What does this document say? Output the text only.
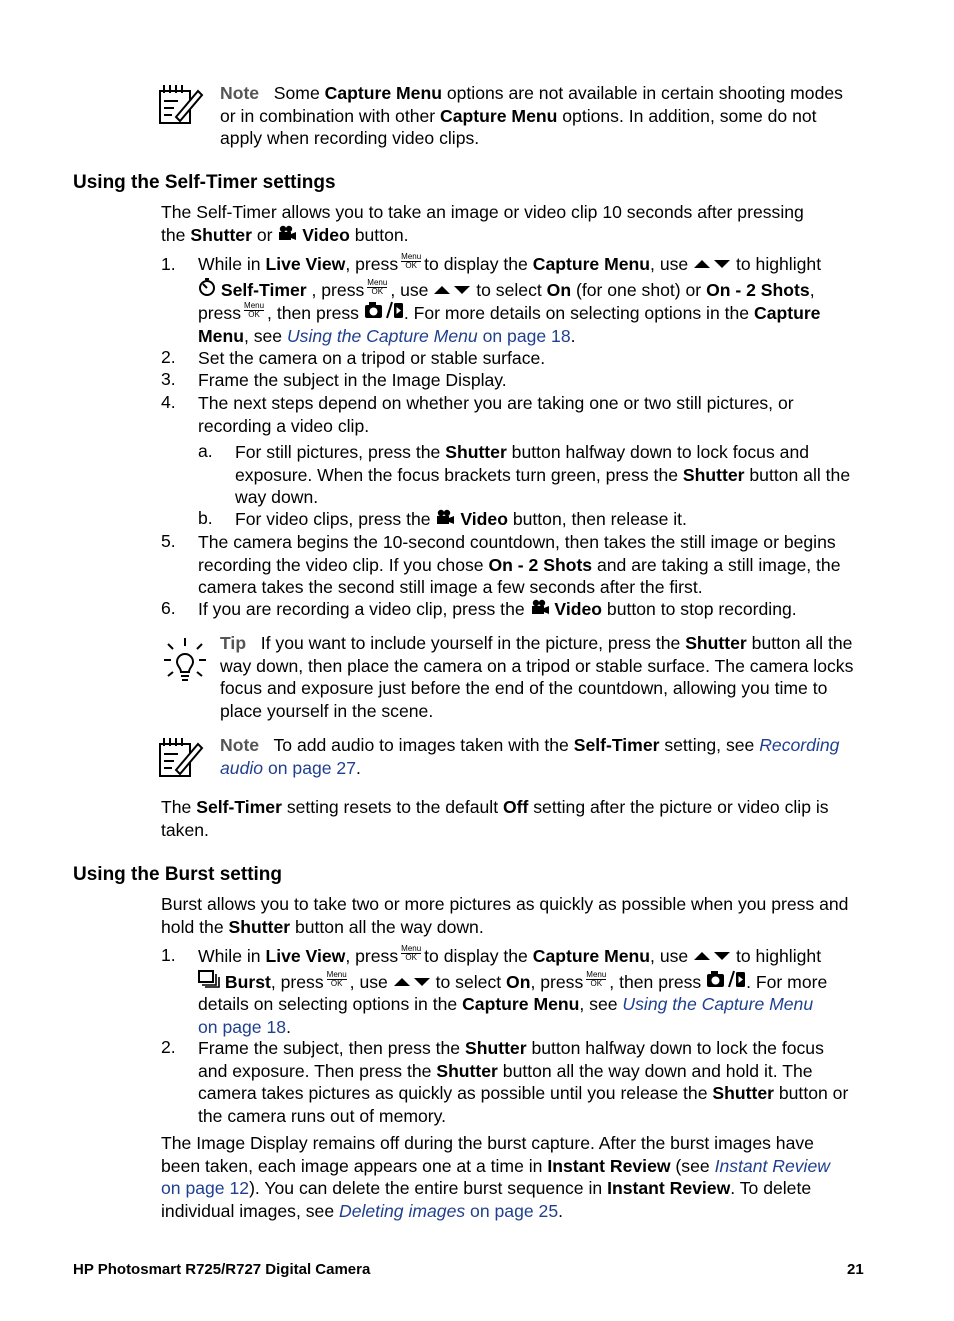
Note Some Capture Menu options are not available in certain shooting modes
or in combination with other Capture Menu options. In addition, some do not
apply when recording video clips.
Using the Self-Timer settings
The Self-Timer allows you to take an image or video clip 10 seconds after pressing
the Shutter or  Video button.
1. While in Live View, press Menu
OK to display the Capture Menu, use	to highlight
Self-Timer , press Menu
OK , use	to select On (for one shot) or On - 2 Shots,
press Menu
OK , then press	. For more details on selecting options in the Capture
Menu, see Using the Capture Menu on page 18.
2. Set the camera on a tripod or stable surface.
3. Frame the subject in the Image Display.
4. The next steps depend on whether you are taking one or two still pictures, or
recording a video clip.
a. For still pictures, press the Shutter button halfway down to lock focus and
exposure. When the focus brackets turn green, press the Shutter button all the
way down.
b. For video clips, press the  Video button, then release it.
5. The camera begins the 10-second countdown, then takes the still image or begins
recording the video clip. If you chose On - 2 Shots and are taking a still image, the
camera takes the second still image a few seconds after the first.
6. If you are recording a video clip, press the  Video button to stop recording.
Tip If you want to include yourself in the picture, press the Shutter button all the
way down, then place the camera on a tripod or stable surface. The camera locks
focus and exposure just before the end of the countdown, allowing you time to
place yourself in the scene.
Note To add audio to images taken with the Self-Timer setting, see Recording
audio on page 27.
The Self-Timer setting resets to the default Off setting after the picture or video clip is
taken.
Using the Burst setting
Burst allows you to take two or more pictures as quickly as possible when you press and
hold the Shutter button all the way down.
1. While in Live View, press Menu
OK to display the Capture Menu, use	to highlight
Burst, press Menu
OK , use	to select On, press Menu
OK , then press	. For more
details on selecting options in the Capture Menu, see Using the Capture Menu
on page 18.
2. Frame the subject, then press the Shutter button halfway down to lock the focus
and exposure. Then press the Shutter button all the way down and hold it. The
camera takes pictures as quickly as possible until you release the Shutter button or
the camera runs out of memory.
The Image Display remains off during the burst capture. After the burst images have
been taken, each image appears one at a time in Instant Review (see Instant Review
on page 12). You can delete the entire burst sequence in Instant Review. To delete
individual images, see Deleting images on page 25.
HP Photosmart R725/R727 Digital Camera	21
